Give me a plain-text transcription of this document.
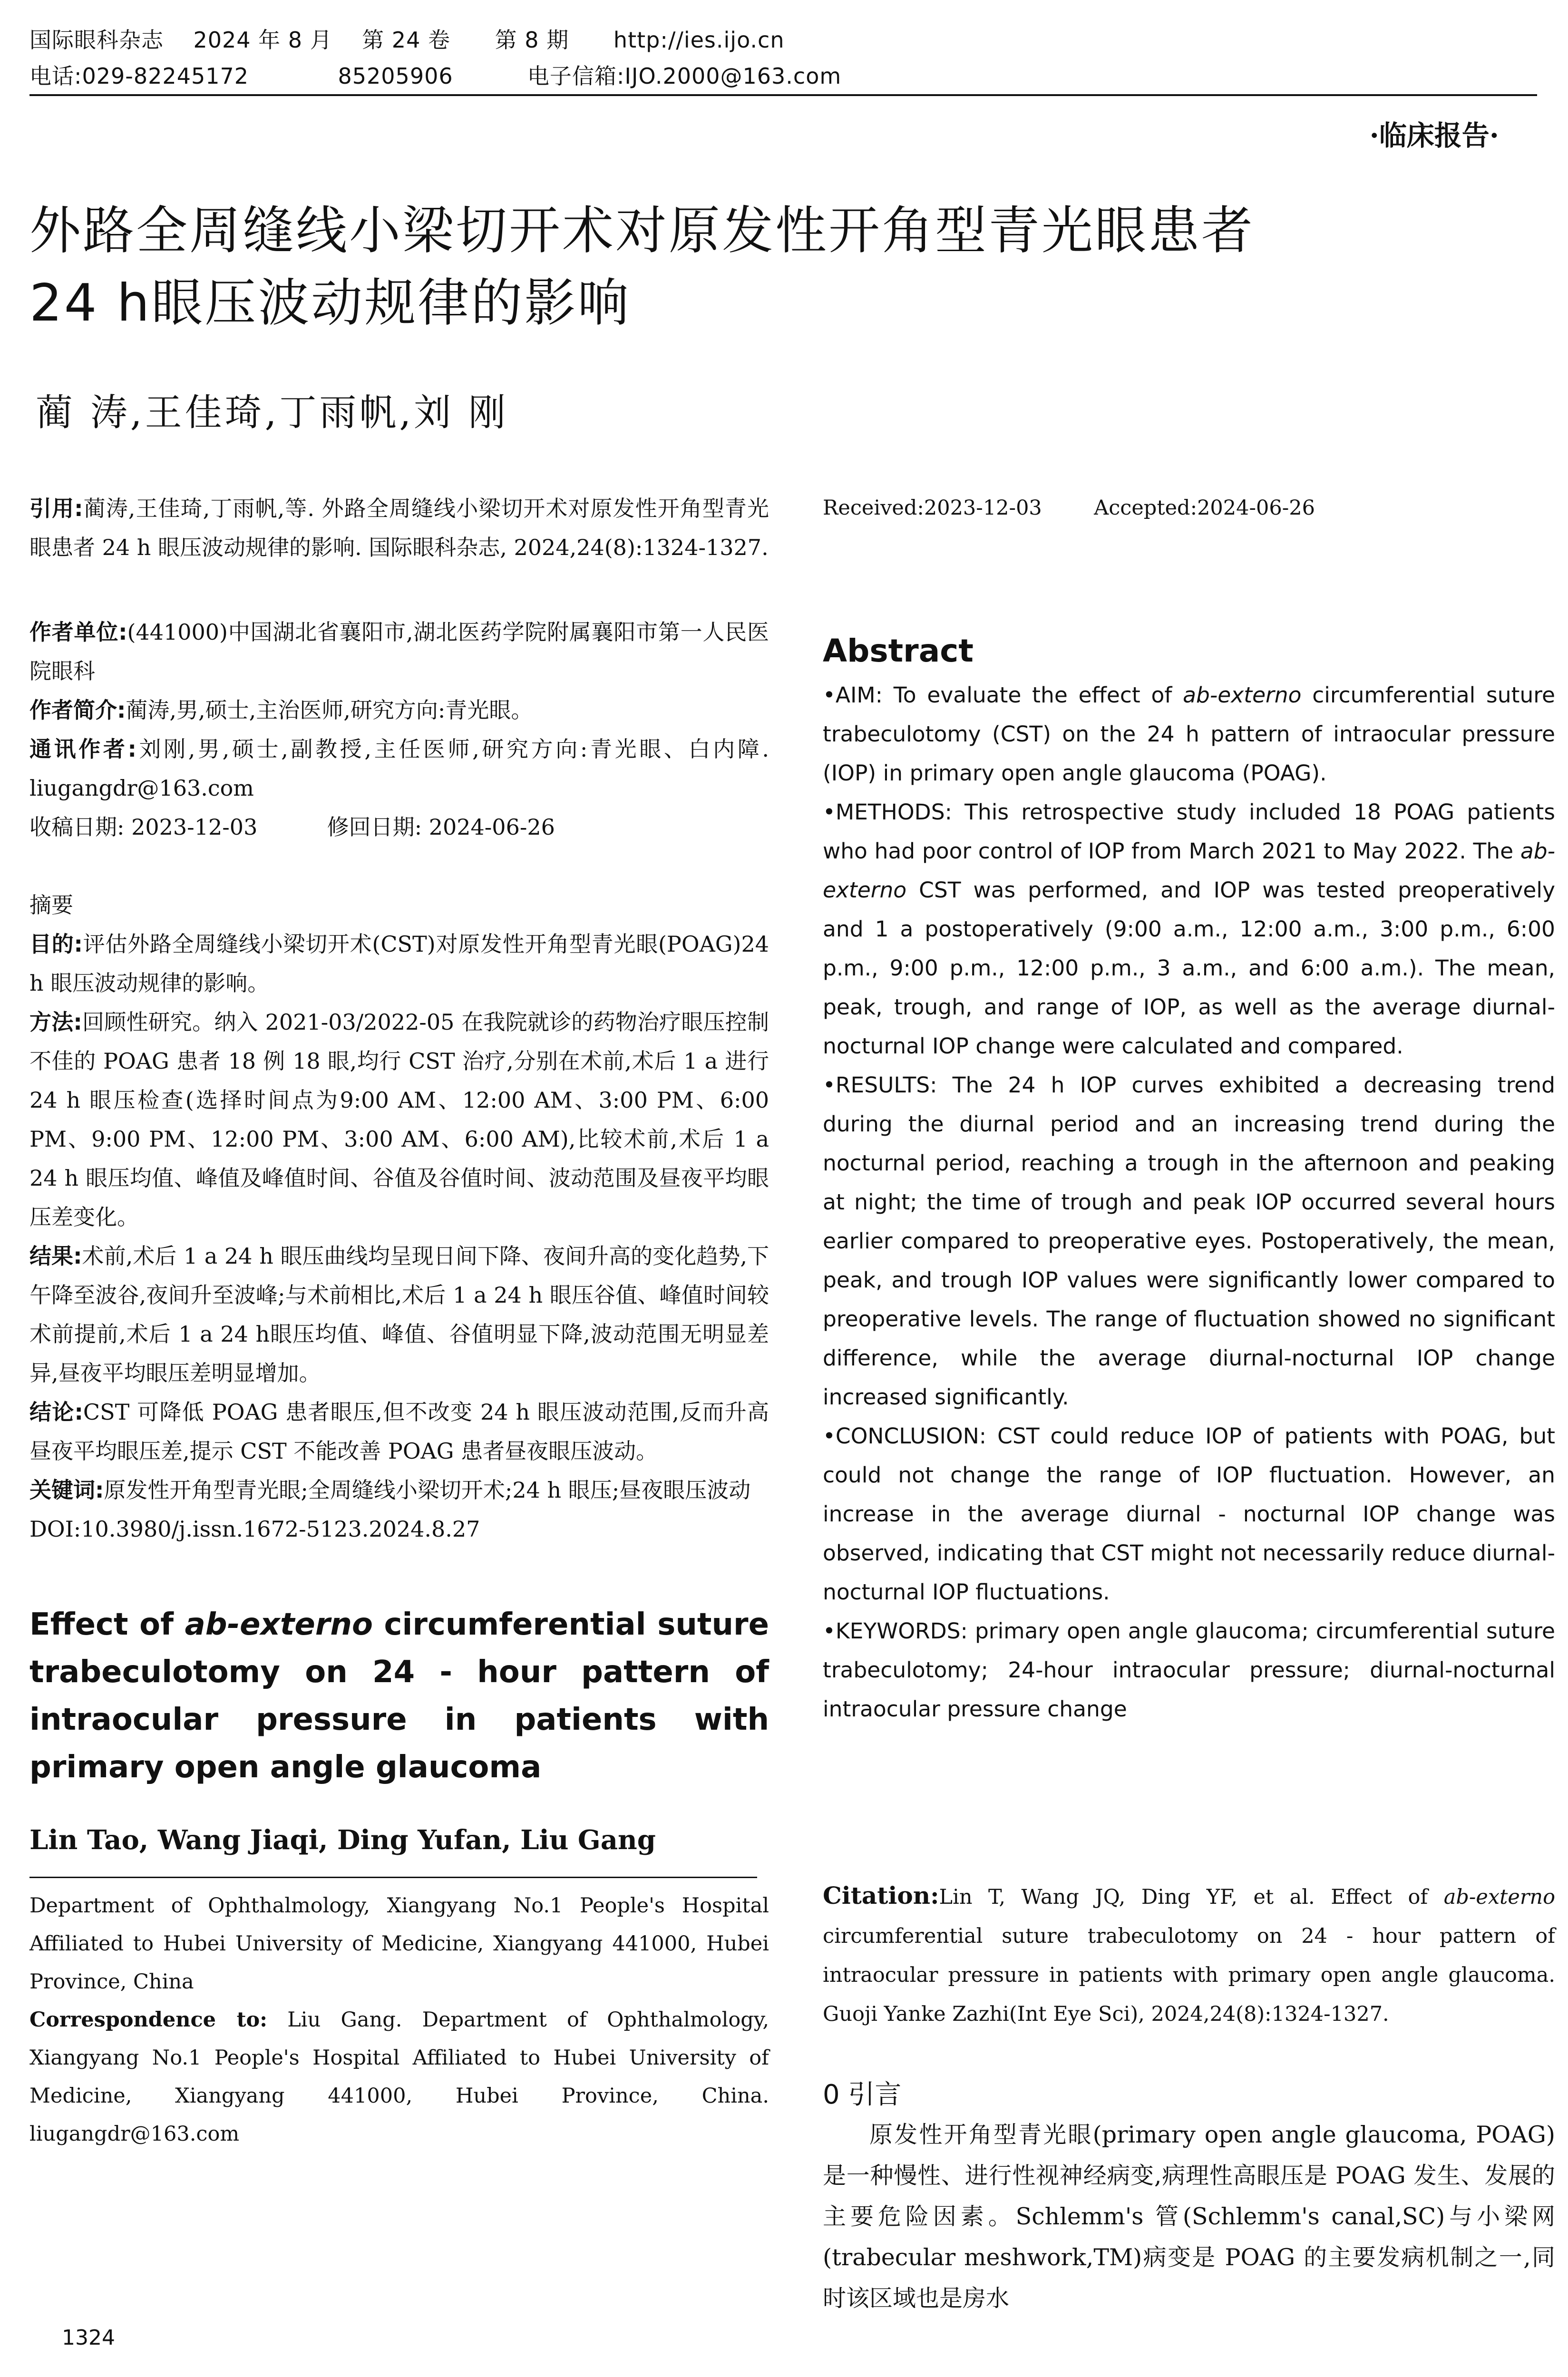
国际眼科杂志    2024 年 8 月    第 24 卷      第 8 期      http://ies.ijo.cn
电话:029-82245172            85205906          电子信箱:IJO.2000@163.com
·临床报告·
外路全周缝线小梁切开术对原发性开角型青光眼患者
24 h眼压波动规律的影响
蔺 涛,王佳琦,丁雨帆,刘 刚

引用:蔺涛,王佳琦,丁雨帆,等. 外路全周缝线小梁切开术对原发性开角型青光眼患者 24 h 眼压波动规律的影响. 国际眼科杂志, 2024,24(8):1324-1327.

作者单位:(441000)中国湖北省襄阳市,湖北医药学院附属襄阳市第一人民医院眼科

作者简介:蔺涛,男,硕士,主治医师,研究方向:青光眼。

通讯作者:刘刚,男,硕士,副教授,主任医师,研究方向:青光眼、白内障. liugangdr@163.com

收稿日期: 2023-12-03	修回日期: 2024-06-26

摘要

目的:评估外路全周缝线小梁切开术(CST)对原发性开角型青光眼(POAG)24 h 眼压波动规律的影响。

方法:回顾性研究。纳入 2021-03/2022-05 在我院就诊的药物治疗眼压控制不佳的 POAG 患者 18 例 18 眼,均行 CST 治疗,分别在术前,术后 1 a 进行 24 h 眼压检查(选择时间点为9:00 AM、12:00 AM、3:00 PM、6:00 PM、9:00 PM、12:00 PM、3:00 AM、6:00 AM),比较术前,术后 1 a 24 h 眼压均值、峰值及峰值时间、谷值及谷值时间、波动范围及昼夜平均眼压差变化。

结果:术前,术后 1 a 24 h 眼压曲线均呈现日间下降、夜间升高的变化趋势,下午降至波谷,夜间升至波峰;与术前相比,术后 1 a 24 h 眼压谷值、峰值时间较术前提前,术后 1 a 24 h眼压均值、峰值、谷值明显下降,波动范围无明显差异,昼夜平均眼压差明显增加。

结论:CST 可降低 POAG 患者眼压,但不改变 24 h 眼压波动范围,反而升高昼夜平均眼压差,提示 CST 不能改善 POAG 患者昼夜眼压波动。

关键词:原发性开角型青光眼;全周缝线小梁切开术;24 h 眼压;昼夜眼压波动

DOI:10.3980/j.issn.1672-5123.2024.8.27

Effect of ab-externo circumferential suture trabeculotomy on 24 - hour pattern of intraocular pressure in patients with primary open angle glaucoma

Lin Tao, Wang Jiaqi, Ding Yufan, Liu Gang

Department of Ophthalmology, Xiangyang No.1 People's Hospital Affiliated to Hubei University of Medicine, Xiangyang 441000, Hubei Province, China

Correspondence to: Liu Gang. Department of Ophthalmology, Xiangyang No.1 People's Hospital Affiliated to Hubei University of Medicine, Xiangyang 441000, Hubei Province, China. liugangdr@163.com

Received:2023-12-03	Accepted:2024-06-26

Abstract

•AIM: To evaluate the effect of ab-externo circumferential suture trabeculotomy (CST) on the 24 h pattern of intraocular pressure (IOP) in primary open angle glaucoma (POAG).

•METHODS: This retrospective study included 18 POAG patients who had poor control of IOP from March 2021 to May 2022. The ab- externo CST was performed, and IOP was tested preoperatively and 1 a postoperatively (9:00 a.m., 12:00 a.m., 3:00 p.m., 6:00 p.m., 9:00 p.m., 12:00 p.m., 3 a.m., and 6:00 a.m.). The mean, peak, trough, and range of IOP, as well as the average diurnal-nocturnal IOP change were calculated and compared.

•RESULTS: The 24 h IOP curves exhibited a decreasing trend during the diurnal period and an increasing trend during the nocturnal period, reaching a trough in the afternoon and peaking at night; the time of trough and peak IOP occurred several hours earlier compared to preoperative eyes. Postoperatively, the mean, peak, and trough IOP values were significantly lower compared to preoperative levels. The range of fluctuation showed no significant difference, while the average diurnal-nocturnal IOP change increased significantly.

•CONCLUSION: CST could reduce IOP of patients with POAG, but could not change the range of IOP fluctuation. However, an increase in the average diurnal - nocturnal IOP change was observed, indicating that CST might not necessarily reduce diurnal-nocturnal IOP fluctuations.

•KEYWORDS: primary open angle glaucoma; circumferential suture trabeculotomy; 24-hour intraocular pressure; diurnal-nocturnal intraocular pressure change

Citation:Lin T, Wang JQ, Ding YF, et al. Effect of ab-externo circumferential suture trabeculotomy on 24 - hour pattern of intraocular pressure in patients with primary open angle glaucoma. Guoji Yanke Zazhi(Int Eye Sci), 2024,24(8):1324-1327.

0 引言

原发性开角型青光眼(primary open angle glaucoma, POAG)是一种慢性、进行性视神经病变,病理性高眼压是 POAG 发生、发展的主要危险因素。Schlemm's 管(Schlemm's canal,SC)与小梁网(trabecular meshwork,TM)病变是 POAG 的主要发病机制之一,同时该区域也是房水

1324
